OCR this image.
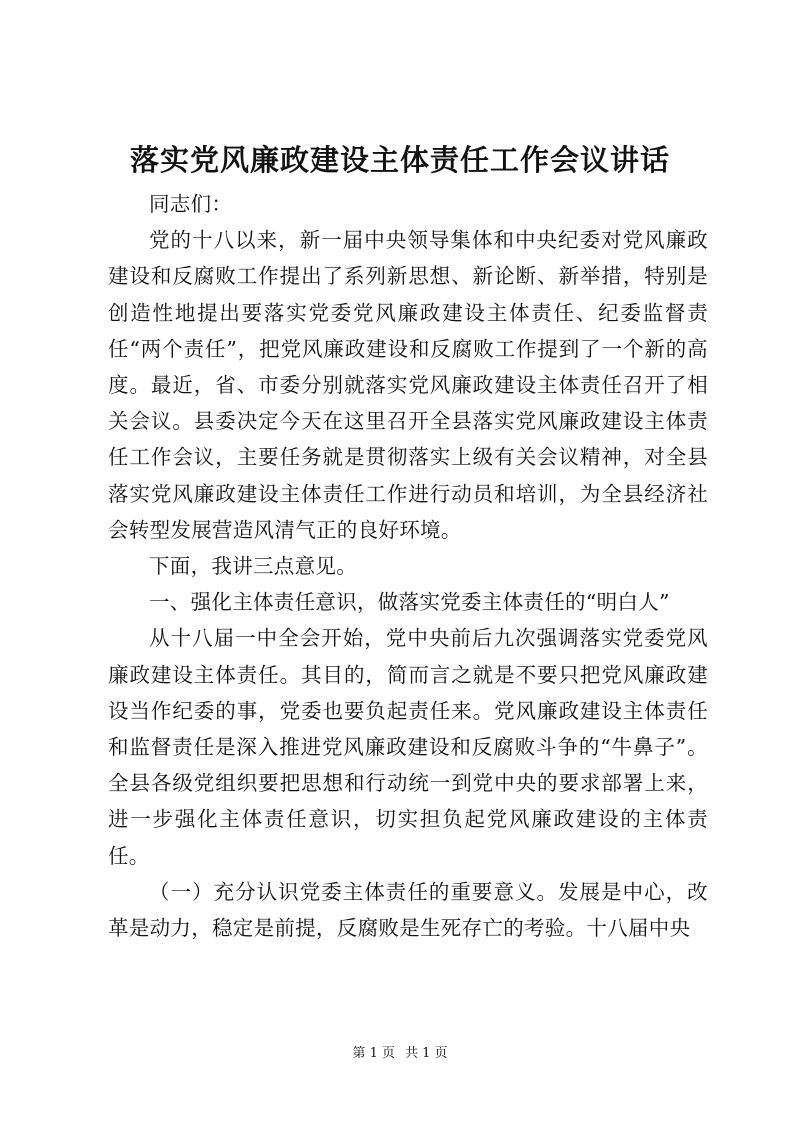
落实党风廉政建设主体责任工作会议讲话

同志们：

党的十八以来，新一届中央领导集体和中央纪委对党风廉政建设和反腐败工作提出了系列新思想、新论断、新举措，特别是创造性地提出要落实党委党风廉政建设主体责任、纪委监督责任“两个责任”，把党风廉政建设和反腐败工作提到了一个新的高度。最近，省、市委分别就落实党风廉政建设主体责任召开了相关会议。县委决定今天在这里召开全县落实党风廉政建设主体责任工作会议，主要任务就是贯彻落实上级有关会议精神，对全县落实党风廉政建设主体责任工作进行动员和培训，为全县经济社会转型发展营造风清气正的良好环境。

下面，我讲三点意见。

一、强化主体责任意识，做落实党委主体责任的“明白人”

从十八届一中全会开始，党中央前后九次强调落实党委党风廉政建设主体责任。其目的，简而言之就是不要只把党风廉政建设当作纪委的事，党委也要负起责任来。党风廉政建设主体责任和监督责任是深入推进党风廉政建设和反腐败斗争的“牛鼻子”。全县各级党组织要把思想和行动统一到党中央的要求部署上来，进一步强化主体责任意识，切实担负起党风廉政建设的主体责任。

（一）充分认识党委主体责任的重要意义。发展是中心，改革是动力，稳定是前提，反腐败是生死存亡的考验。十八届中央

第 1 页 共 1 页
